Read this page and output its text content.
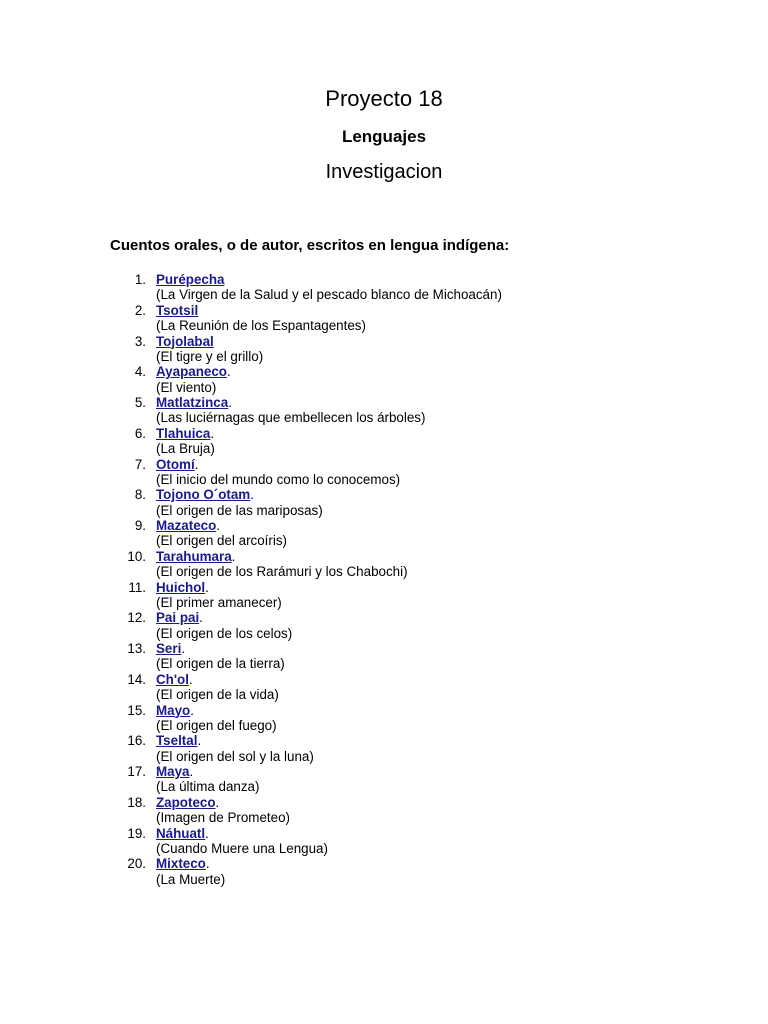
Proyecto 18
Lenguajes
Investigacion

Cuentos orales, o de autor, escritos en lengua indígena:

1. Purépecha
(La Virgen de la Salud y el pescado blanco de Michoacán)
2. Tsotsil
(La Reunión de los Espantagentes)
3. Tojolabal
(El tigre y el grillo)
4. Ayapaneco.
(El viento)
5. Matlatzinca.
(Las luciérnagas que embellecen los árboles)
6. Tlahuica.
(La Bruja)
7. Otomí.
(El inicio del mundo como lo conocemos)
8. Tojono O´otam.
(El origen de las mariposas)
9. Mazateco.
(El origen del arcoíris)
10. Tarahumara.
(El origen de los Rarámuri y los Chabochi)
11. Huichol.
(El primer amanecer)
12. Pai pai.
(El origen de los celos)
13. Seri.
(El origen de la tierra)
14. Ch'ol.
(El origen de la vida)
15. Mayo.
(El origen del fuego)
16. Tseltal.
(El origen del sol y la luna)
17. Maya.
(La última danza)
18. Zapoteco.
(Imagen de Prometeo)
19. Náhuatl.
(Cuando Muere una Lengua)
20. Mixteco.
(La Muerte)
